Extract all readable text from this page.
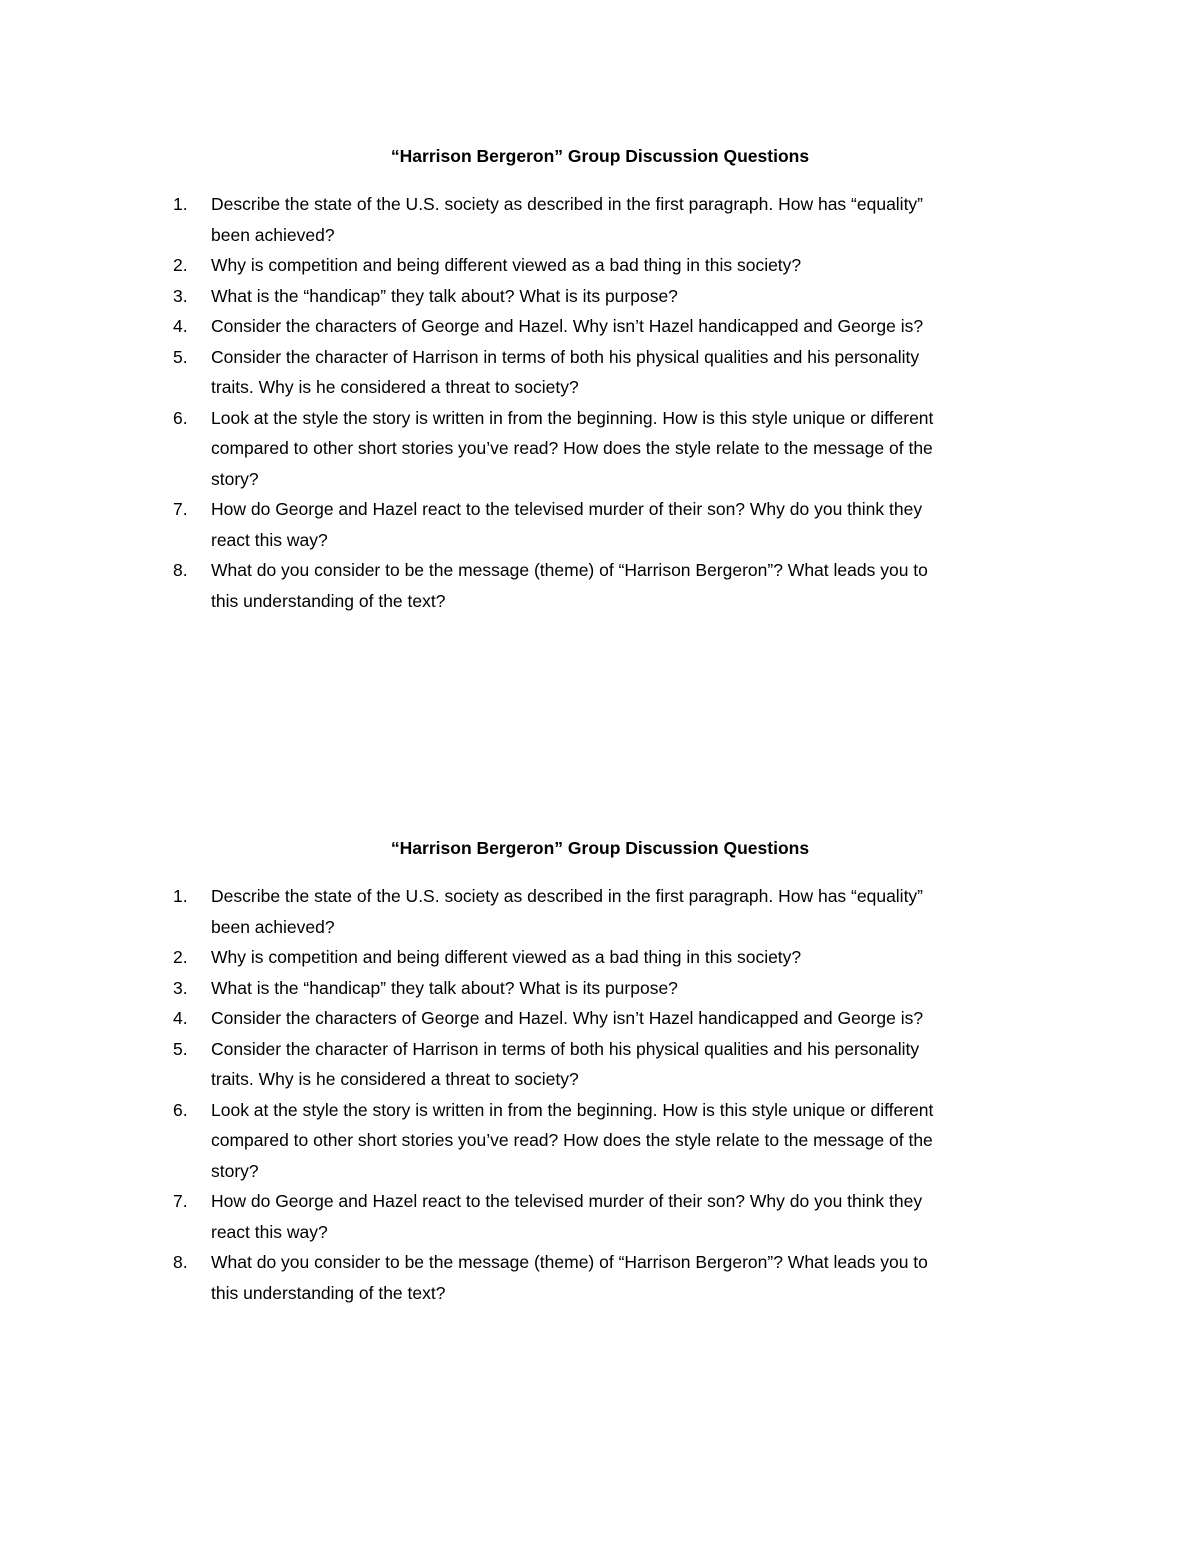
“Harrison Bergeron” Group Discussion Questions
1. Describe the state of the U.S. society as described in the first paragraph. How has “equality”
been achieved?
2. Why is competition and being different viewed as a bad thing in this society?
3. What is the “handicap” they talk about? What is its purpose?
4. Consider the characters of George and Hazel. Why isn’t Hazel handicapped and George is?
5. Consider the character of Harrison in terms of both his physical qualities and his personality
traits. Why is he considered a threat to society?
6. Look at the style the story is written in from the beginning. How is this style unique or different
compared to other short stories you’ve read? How does the style relate to the message of the
story?
7. How do George and Hazel react to the televised murder of their son? Why do you think they
react this way?
8. What do you consider to be the message (theme) of “Harrison Bergeron”? What leads you to
this understanding of the text?
“Harrison Bergeron” Group Discussion Questions
1. Describe the state of the U.S. society as described in the first paragraph. How has “equality”
been achieved?
2. Why is competition and being different viewed as a bad thing in this society?
3. What is the “handicap” they talk about? What is its purpose?
4. Consider the characters of George and Hazel. Why isn’t Hazel handicapped and George is?
5. Consider the character of Harrison in terms of both his physical qualities and his personality
traits. Why is he considered a threat to society?
6. Look at the style the story is written in from the beginning. How is this style unique or different
compared to other short stories you’ve read? How does the style relate to the message of the
story?
7. How do George and Hazel react to the televised murder of their son? Why do you think they
react this way?
8. What do you consider to be the message (theme) of “Harrison Bergeron”? What leads you to
this understanding of the text?
